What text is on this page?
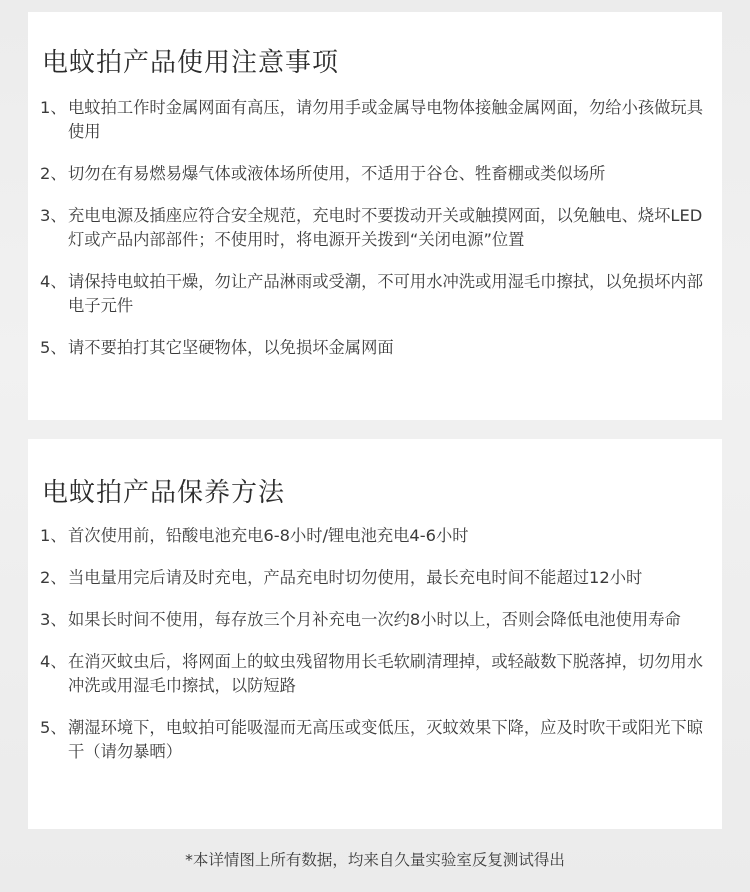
电蚊拍产品使用注意事项
1、 电蚊拍工作时金属网面有高压，请勿用手或金属导电物体接触金属网面，勿给小孩做玩具使用
2、 切勿在有易燃易爆气体或液体场所使用，不适用于谷仓、牲畜棚或类似场所
3、 充电电源及插座应符合安全规范，充电时不要拨动开关或触摸网面，以免触电、烧坏LED灯或产品内部部件；不使用时，将电源开关拨到“关闭电源”位置
4、 请保持电蚊拍干燥，勿让产品淋雨或受潮，不可用水冲洗或用湿毛巾擦拭，以免损坏内部电子元件
5、 请不要拍打其它坚硬物体，以免损坏金属网面
电蚊拍产品保养方法
1、 首次使用前，铅酸电池充电6-8小时/锂电池充电4-6小时
2、 当电量用完后请及时充电，产品充电时切勿使用，最长充电时间不能超过12小时
3、 如果长时间不使用，每存放三个月补充电一次约8小时以上，否则会降低电池使用寿命
4、 在消灭蚊虫后，将网面上的蚊虫残留物用长毛软刷清理掉，或轻敲数下脱落掉，切勿用水冲洗或用湿毛巾擦拭，以防短路
5、 潮湿环境下，电蚊拍可能吸湿而无高压或变低压，灭蚊效果下降，应及时吹干或阳光下晾干（请勿暴晒）
*本详情图上所有数据，均来自久量实验室反复测试得出
